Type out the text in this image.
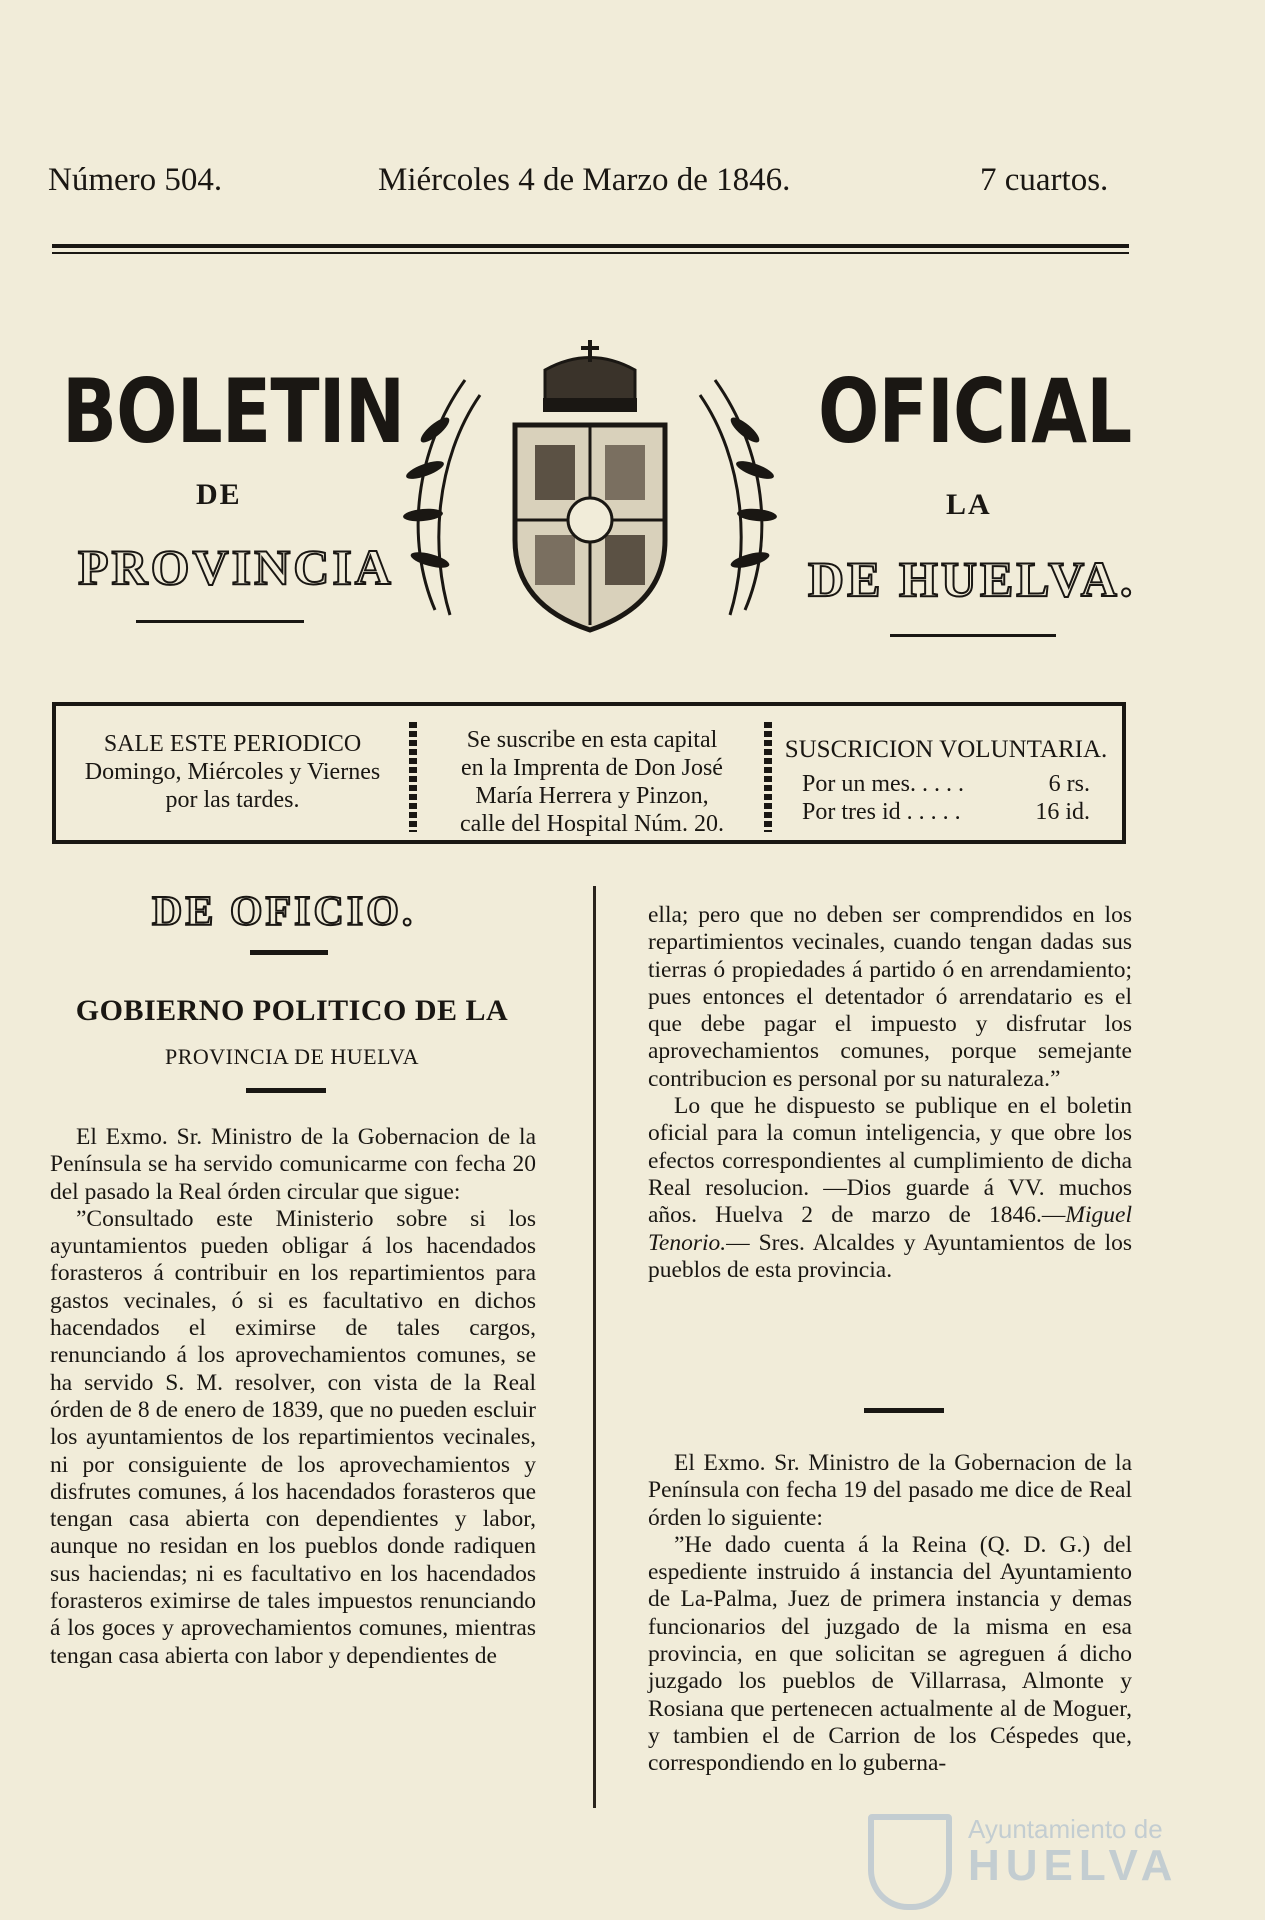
Número 504.	Miércoles 4 de Marzo de 1846.	7 cuartos.
BOLETIN	OFICIAL
DE	LA
PROVINCIA	DE HUELVA.
SALE ESTE PERIODICO
Domingo, Miércoles y Viernes
por las tardes.
Se suscribe en esta capital
en la Imprenta de Don José
María Herrera y Pinzon,
calle del Hospital Núm. 20.
SUSCRICION VOLUNTARIA.
Por un mes. . . . .	6 rs.
Por tres id . . . . .	16 id.
DE OFICIO.
GOBIERNO POLITICO DE LA
PROVINCIA DE HUELVA

El Exmo. Sr. Ministro de la Gobernacion de la Península se ha servido comunicarme con fecha 20 del pasado la Real órden circular que sigue:

”Consultado este Ministerio sobre si los ayuntamientos pueden obligar á los hacendados forasteros á contribuir en los repartimientos para gastos vecinales, ó si es facultativo en dichos hacendados el eximirse de tales cargos, renunciando á los aprovechamientos comunes, se ha servido S. M. resolver, con vista de la Real órden de 8 de enero de 1839, que no pueden escluir los ayuntamientos de los repartimientos vecinales, ni por consiguiente de los aprovechamientos y disfrutes comunes, á los hacendados forasteros que tengan casa abierta con dependientes y labor, aunque no residan en los pueblos donde radiquen sus haciendas; ni es facultativo en los hacendados forasteros eximirse de tales impuestos renunciando á los goces y aprovechamientos comunes, mientras tengan casa abierta con labor y dependientes de

ella; pero que no deben ser comprendidos en los repartimientos vecinales, cuando tengan dadas sus tierras ó propiedades á partido ó en arrendamiento; pues entonces el detentador ó arrendatario es el que debe pagar el impuesto y disfrutar los aprovechamientos comunes, porque semejante contribucion es personal por su naturaleza.”

Lo que he dispuesto se publique en el boletin oficial para la comun inteligencia, y que obre los efectos correspondientes al cumplimiento de dicha Real resolucion. —Dios guarde á VV. muchos años. Huelva 2 de marzo de 1846.—Miguel Tenorio.— Sres. Alcaldes y Ayuntamientos de los pueblos de esta provincia.

El Exmo. Sr. Ministro de la Gobernacion de la Península con fecha 19 del pasado me dice de Real órden lo siguiente:

”He dado cuenta á la Reina (Q. D. G.) del espediente instruido á instancia del Ayuntamiento de La-Palma, Juez de primera instancia y demas funcionarios del juzgado de la misma en esa provincia, en que solicitan se agreguen á dicho juzgado los pueblos de Villarrasa, Almonte y Rosiana que pertenecen actualmente al de Moguer, y tambien el de Carrion de los Céspedes que, correspondiendo en lo guberna-

Ayuntamiento de
HUELVA
